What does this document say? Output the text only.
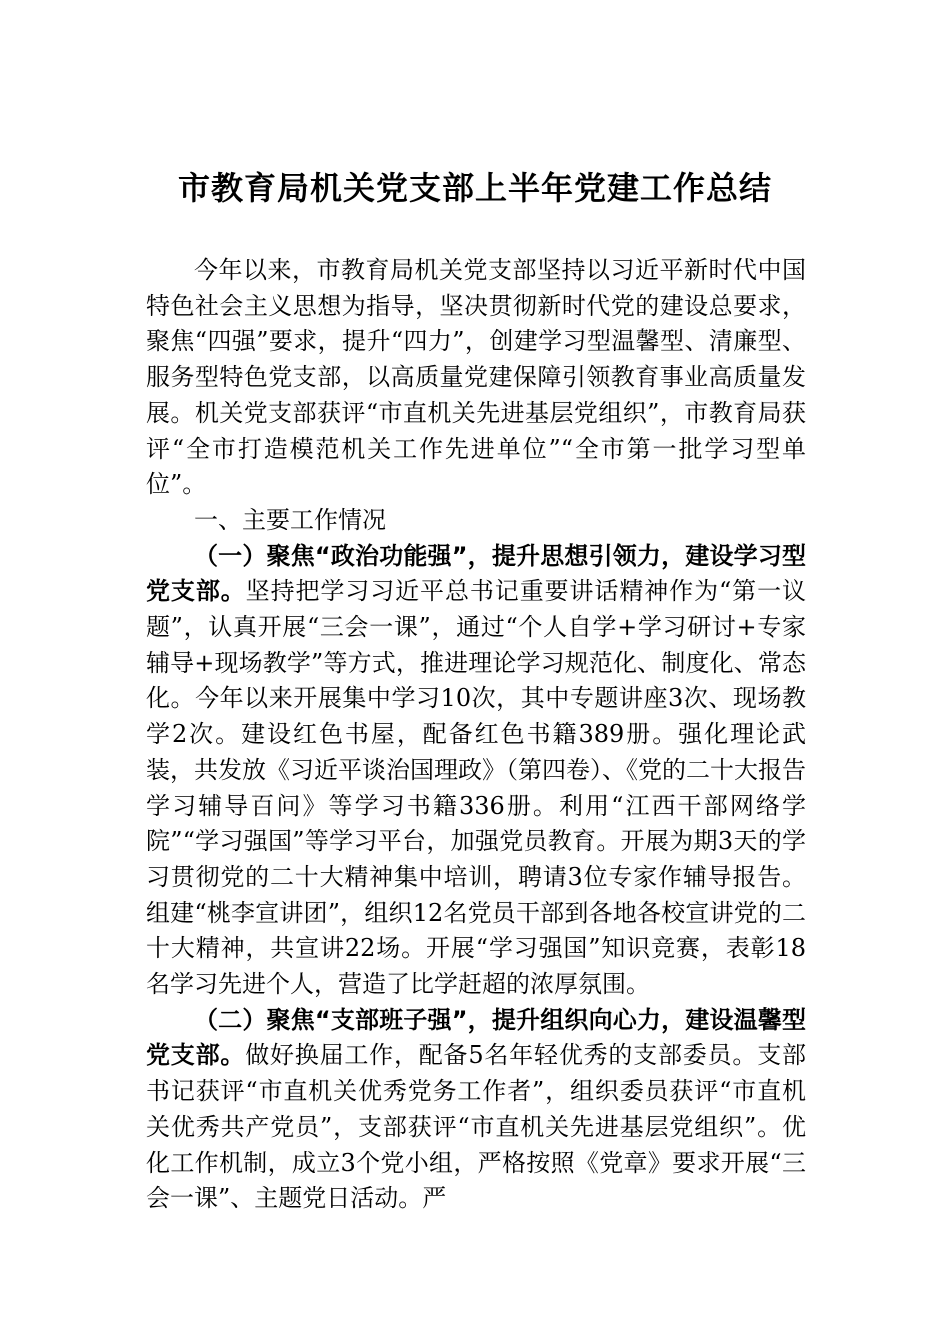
市教育局机关党支部上半年党建工作总结

今年以来，市教育局机关党支部坚持以习近平新时代中国特色社会主义思想为指导，坚决贯彻新时代党的建设总要求，聚焦“四强”要求，提升“四力”，创建学习型温馨型、清廉型、服务型特色党支部，以高质量党建保障引领教育事业高质量发展。机关党支部获评“市直机关先进基层党组织”，市教育局获评“全市打造模范机关工作先进单位”“全市第一批学习型单位”。

一、主要工作情况

（一）聚焦“政治功能强”，提升思想引领力，建设学习型党支部。坚持把学习习近平总书记重要讲话精神作为“第一议题”，认真开展“三会一课”，通过“个人自学+学习研讨+专家辅导+现场教学”等方式，推进理论学习规范化、制度化、常态化。今年以来开展集中学习10次，其中专题讲座3次、现场教学2次。建设红色书屋，配备红色书籍389册。强化理论武装，共发放《习近平谈治国理政》（第四卷）、《党的二十大报告学习辅导百问》等学习书籍336册。利用“江西干部网络学院”“学习强国”等学习平台，加强党员教育。开展为期3天的学习贯彻党的二十大精神集中培训，聘请3位专家作辅导报告。组建“桃李宣讲团”，组织12名党员干部到各地各校宣讲党的二十大精神，共宣讲22场。开展“学习强国”知识竞赛，表彰18名学习先进个人，营造了比学赶超的浓厚氛围。

（二）聚焦“支部班子强”，提升组织向心力，建设温馨型党支部。做好换届工作，配备5名年轻优秀的支部委员。支部书记获评“市直机关优秀党务工作者”，组织委员获评“市直机关优秀共产党员”，支部获评“市直机关先进基层党组织”。优化工作机制，成立3个党小组，严格按照《党章》要求开展“三会一课”、主题党日活动。严
